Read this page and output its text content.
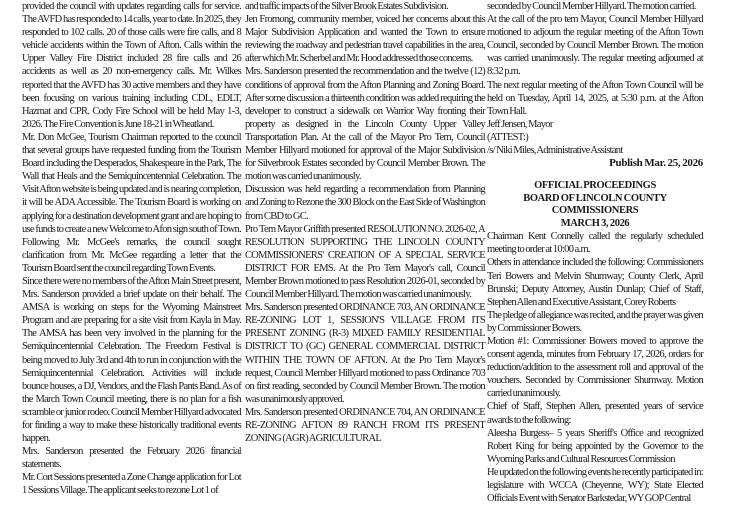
provided the council with updates regarding calls for service. The AVFD has responded to 14 calls, year to date. In 2025, they responded to 102 calls. 20 of those calls were fire calls, and 8 vehicle accidents within the Town of Afton. Calls within the Upper Valley Fire District included 28 fire calls and 26 accidents as well as 20 non-emergency calls. Mr. Wilkes reported that the AVFD has 30 active members and they have been focusing on various training including CDL, EDLT, Hazmat and CPR. Cody Fire School will be held May 1-3, 2026. The Fire Convention is June 18-21 in Wheatland.

Mr. Don McGee, Tourism Chairman reported to the council that several groups have requested funding from the Tourism Board including the Desperados, Shakespeare in the Park, The Wall that Heals and the Semiquincentennial Celebration. The Visit Afton website is being updated and is nearing completion, it will be ADA Accessible. The Tourism Board is working on applying for a destination development grant and are hoping to use funds to create a new Welcome to Afon sign south of Town. Following Mr. McGee's remarks, the council sought clarification from Mr. McGee regarding a letter that the Tourism Board sent the council regarding Town Events.

Since there were no members of the Afton Main Street present, Mrs. Sanderson provided a brief update on their behalf. The AMSA is working on steps for the Wyoming Mainstreet Program and are preparing for a site visit from Kayla in May. The AMSA has been very involved in the planning for the Semiquincentennial Celebration. The Freedom Festival is being moved to July 3rd and 4th to run in conjunction with the Semiquincentennial Celebration. Activities will include bounce houses, a DJ, Vendors, and the Flash Pants Band. As of the March Town Council meeting, there is no plan for a fish scramble or junior rodeo. Council Member Hillyard advocated for finding a way to make these historically traditional events happen.

Mrs. Sanderson presented the February 2026 financial statements.

Mr. Cort Sessions presented a Zone Change application for Lot 1 Sessions Village. The applicant seeks to rezone Lot 1 of

and traffic impacts of the Silver Brook Estates Subdivision.

Jen Fromong, community member, voiced her concerns about this Major Subdivision Application and wanted the Town to ensure reviewing the roadway and pedestrian travel capabilities in the area, after which Mr. Scherbel and Mr. Hood addressed those concerns.

Mrs. Sanderson presented the recommendation and the twelve (12) conditions of approval from the Afton Planning and Zoning Board. After some discussion a thirteenth condition was added requiring the developer to construct a sidewalk on Warrior Way fronting their property as designed in the Lincoln County Upper Valley Transportation Plan. At the call of the Mayor Pro Tem, Council Member Hillyard motioned for approval of the Major Subdivision for Silverbrook Estates seconded by Council Member Brown. The motion was carried unanimously.

Discussion was held regarding a recommendation from Planning and Zoning to Rezone the 300 Block on the East Side of Washington from CBD to GC.

Pro Tem Mayor Griffith presented RESOLUTION NO. 2026-02, A RESOLUTION SUPPORTING THE LINCOLN COUNTY COMMISSIONERS' CREATION OF A SPECIAL SERVICE DISTRICT FOR EMS. At the Pro Tem Mayor's call, Council Member Brown motioned to pass Resolution 2026-01, seconded by Council Member Hillyard. The motion was carried unanimously.

Mrs. Sanderson presented ORDINANCE 703, AN ORDINANCE RE-ZONING LOT 1, SESSION'S VILLAGE FROM ITS PRESENT ZONING (R-3) MIXED FAMILY RESIDENTIAL DISTRICT TO (GC) GENERAL COMMERCIAL DISTRICT WITHIN THE TOWN OF AFTON. At the Pro Tem Mayor's request, Council Member Hillyard motioned to pass Ordinance 703 on first reading, seconded by Council Member Brown. The motion was unanimously approved.

Mrs. Sanderson presented ORDINANCE 704, AN ORDINANCE RE-ZONING AFTON 89 RANCH FROM ITS PRESENT ZONING (AGR) AGRICULTURAL

seconded by Council Member Hillyard. The motion carried.

At the call of the pro tem Mayor, Council Member Hillyard motioned to adjourn the regular meeting of the Afton Town Council, seconded by Council Member Brown. The motion was carried unanimously. The regular meeting adjourned at 8:32 p.m.

The next regular meeting of the Afton Town Council will be held on Tuesday, April 14, 2025, at 5:30 p.m. at the Afton Town Hall.

Jeff Jensen, Mayor

(ATTEST:)

/s/ Niki Miles, Administrative Assistant

Publish Mar. 25, 2026

OFFICIAL PROCEEDINGS

BOARD OF LINCOLN COUNTY COMMISSIONERS

MARCH 3, 2026

Chairman Kent Connelly called the regularly scheduled meeting to order at 10:00 a.m.

Others in attendance included the following: Commissioners Teri Bowers and Melvin Shumway; County Clerk, April Brunski; Deputy Attorney, Austin Dunlap; Chief of Staff, Stephen Allen and Executive Assistant, Corey Roberts

The pledge of allegiance was recited, and the prayer was given by Commissioner Bowers.

Motion #1: Commissioner Bowers moved to approve the consent agenda, minutes from February 17, 2026, orders for reduction/addition to the assessment roll and approval of the vouchers. Seconded by Commissioner Shumway. Motion carried unanimously.

Chief of Staff, Stephen Allen, presented years of service awards to the following:

Aleesha Burgess– 5 years Sheriff's Office and recognized Robert King for being appointed by the Governor to the Wyoming Parks and Cultural Resources Commission

He updated on the following events he recently participated in: legislature with WCCA (Cheyenne, WY); State Elected Officials Event with Senator Barkstedar, WY GOP Central
